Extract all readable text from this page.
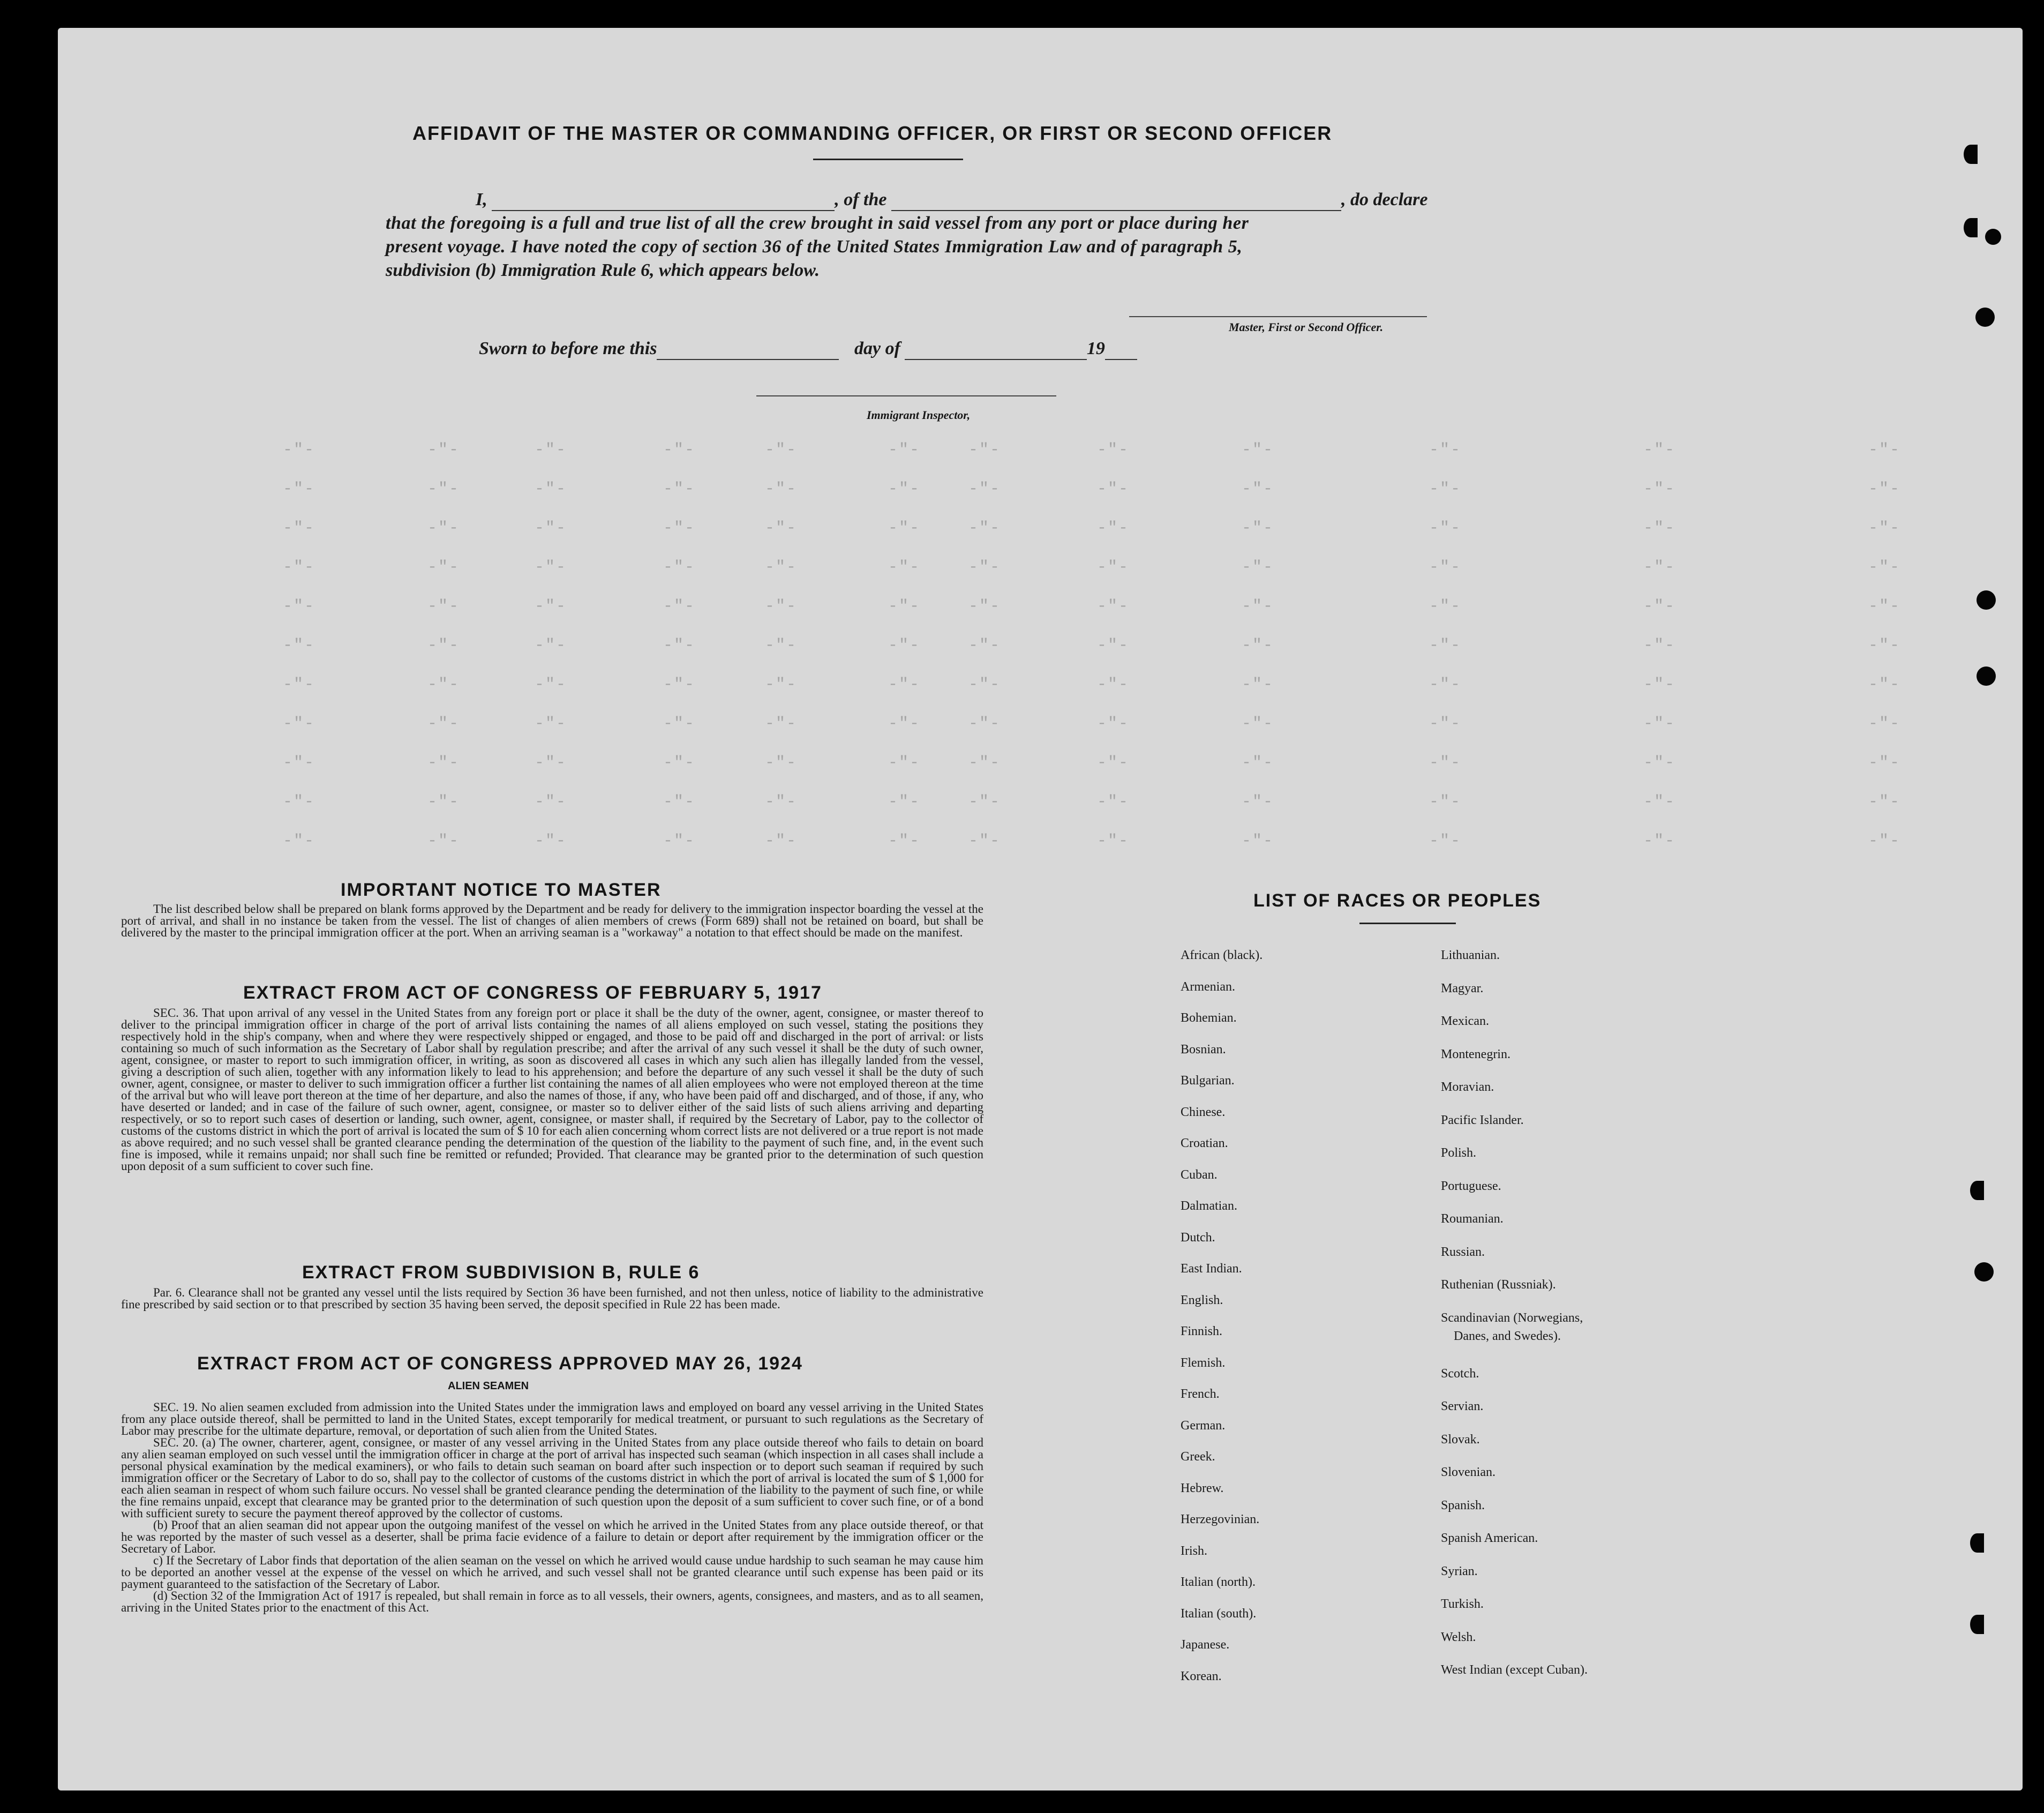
-"-	-"-	-"-	-"-	-"-	-"-	-"-	-"-	-"-	-"-	-"-	-"-
-"-	-"-	-"-	-"-	-"-	-"-	-"-	-"-	-"-	-"-	-"-	-"-
-"-	-"-	-"-	-"-	-"-	-"-	-"-	-"-	-"-	-"-	-"-	-"-
-"-	-"-	-"-	-"-	-"-	-"-	-"-	-"-	-"-	-"-	-"-	-"-
-"-	-"-	-"-	-"-	-"-	-"-	-"-	-"-	-"-	-"-	-"-	-"-
-"-	-"-	-"-	-"-	-"-	-"-	-"-	-"-	-"-	-"-	-"-	-"-
-"-	-"-	-"-	-"-	-"-	-"-	-"-	-"-	-"-	-"-	-"-	-"-
-"-	-"-	-"-	-"-	-"-	-"-	-"-	-"-	-"-	-"-	-"-	-"-
-"-	-"-	-"-	-"-	-"-	-"-	-"-	-"-	-"-	-"-	-"-	-"-
-"-	-"-	-"-	-"-	-"-	-"-	-"-	-"-	-"-	-"-	-"-	-"-
-"-	-"-	-"-	-"-	-"-	-"-	-"-	-"-	-"-	-"-	-"-	-"-
AFFIDAVIT OF THE MASTER OR COMMANDING OFFICER, OR FIRST OR SECOND OFFICER
I,	, of the	, do declare
that the foregoing is a full and true list of all the crew brought in said vessel from any port or place during her
present voyage. I have noted the copy of section 36 of the United States Immigration Law and of paragraph 5,
subdivision (b) Immigration Rule 6, which appears below.
Master, First or Second Officer.
Sworn to before me this	day of	19
Immigrant Inspector,
IMPORTANT NOTICE TO MASTER

The list described below shall be prepared on blank forms approved by the Department and be ready for delivery to the immigration inspector boarding the vessel at the port of arrival, and shall in no instance be taken from the vessel. The list of changes of alien members of crews (Form 689) shall not be retained on board, but shall be delivered by the master to the principal immigration officer at the port. When an arriving seaman is a "workaway" a notation to that effect should be made on the manifest.

EXTRACT FROM ACT OF CONGRESS OF FEBRUARY 5, 1917

SEC. 36. That upon arrival of any vessel in the United States from any foreign port or place it shall be the duty of the owner, agent, consignee, or master thereof to deliver to the principal immigration officer in charge of the port of arrival lists containing the names of all aliens employed on such vessel, stating the positions they respectively hold in the ship's company, when and where they were respectively shipped or engaged, and those to be paid off and discharged in the port of arrival: or lists containing so much of such information as the Secretary of Labor shall by regulation prescribe; and after the arrival of any such vessel it shall be the duty of such owner, agent, consignee, or master to report to such immigration officer, in writing, as soon as discovered all cases in which any such alien has illegally landed from the vessel, giving a description of such alien, together with any information likely to lead to his apprehension; and before the departure of any such vessel it shall be the duty of such owner, agent, consignee, or master to deliver to such immigration officer a further list containing the names of all alien employees who were not employed thereon at the time of the arrival but who will leave port thereon at the time of her departure, and also the names of those, if any, who have been paid off and discharged, and of those, if any, who have deserted or landed; and in case of the failure of such owner, agent, consignee, or master so to deliver either of the said lists of such aliens arriving and departing respectively, or so to report such cases of desertion or landing, such owner, agent, consignee, or master shall, if required by the Secretary of Labor, pay to the collector of customs of the customs district in which the port of arrival is located the sum of $ 10 for each alien concerning whom correct lists are not delivered or a true report is not made as above required; and no such vessel shall be granted clearance pending the determination of the question of the liability to the payment of such fine, and, in the event such fine is imposed, while it remains unpaid; nor shall such fine be remitted or refunded; Provided. That clearance may be granted prior to the determination of such question upon deposit of a sum sufficient to cover such fine.

EXTRACT FROM SUBDIVISION B, RULE 6

Par. 6. Clearance shall not be granted any vessel until the lists required by Section 36 have been furnished, and not then unless, notice of liability to the administrative fine prescribed by said section or to that prescribed by section 35 having been served, the deposit specified in Rule 22 has been made.

EXTRACT FROM ACT OF CONGRESS APPROVED MAY 26, 1924
ALIEN SEAMEN

SEC. 19. No alien seamen excluded from admission into the United States under the immigration laws and employed on board any vessel arriving in the United States from any place outside thereof, shall be permitted to land in the United States, except temporarily for medical treatment, or pursuant to such regulations as the Secretary of Labor may prescribe for the ultimate departure, removal, or deportation of such alien from the United States.

SEC. 20. (a) The owner, charterer, agent, consignee, or master of any vessel arriving in the United States from any place outside thereof who fails to detain on board any alien seaman employed on such vessel until the immigration officer in charge at the port of arrival has inspected such seaman (which inspection in all cases shall include a personal physical examination by the medical examiners), or who fails to detain such seaman on board after such inspection or to deport such seaman if required by such immigration officer or the Secretary of Labor to do so, shall pay to the collector of customs of the customs district in which the port of arrival is located the sum of $ 1,000 for each alien seaman in respect of whom such failure occurs. No vessel shall be granted clearance pending the determination of the liability to the payment of such fine, or while the fine remains unpaid, except that clearance may be granted prior to the determination of such question upon the deposit of a sum sufficient to cover such fine, or of a bond with sufficient surety to secure the payment thereof approved by the collector of customs.

(b) Proof that an alien seaman did not appear upon the outgoing manifest of the vessel on which he arrived in the United States from any place outside thereof, or that he was reported by the master of such vessel as a deserter, shall be prima facie evidence of a failure to detain or deport after requirement by the immigration officer or the Secretary of Labor.

c) If the Secretary of Labor finds that deportation of the alien seaman on the vessel on which he arrived would cause undue hardship to such seaman he may cause him to be deported an another vessel at the expense of the vessel on which he arrived, and such vessel shall not be granted clearance until such expense has been paid or its payment guaranteed to the satisfaction of the Secretary of Labor.

(d) Section 32 of the Immigration Act of 1917 is repealed, but shall remain in force as to all vessels, their owners, agents, consignees, and masters, and as to all seamen, arriving in the United States prior to the enactment of this Act.

LIST OF RACES OR PEOPLES
African (black).
Armenian.
Bohemian.
Bosnian.
Bulgarian.
Chinese.
Croatian.
Cuban.
Dalmatian.
Dutch.
East Indian.
English.
Finnish.
Flemish.
French.
German.
Greek.
Hebrew.
Herzegovinian.
Irish.
Italian (north).
Italian (south).
Japanese.
Korean.
Lithuanian.
Magyar.
Mexican.
Montenegrin.
Moravian.
Pacific Islander.
Polish.
Portuguese.
Roumanian.
Russian.
Ruthenian (Russniak).
Scandinavian (Norwegians,
Danes, and Swedes).
Scotch.
Servian.
Slovak.
Slovenian.
Spanish.
Spanish American.
Syrian.
Turkish.
Welsh.
West Indian (except Cuban).
